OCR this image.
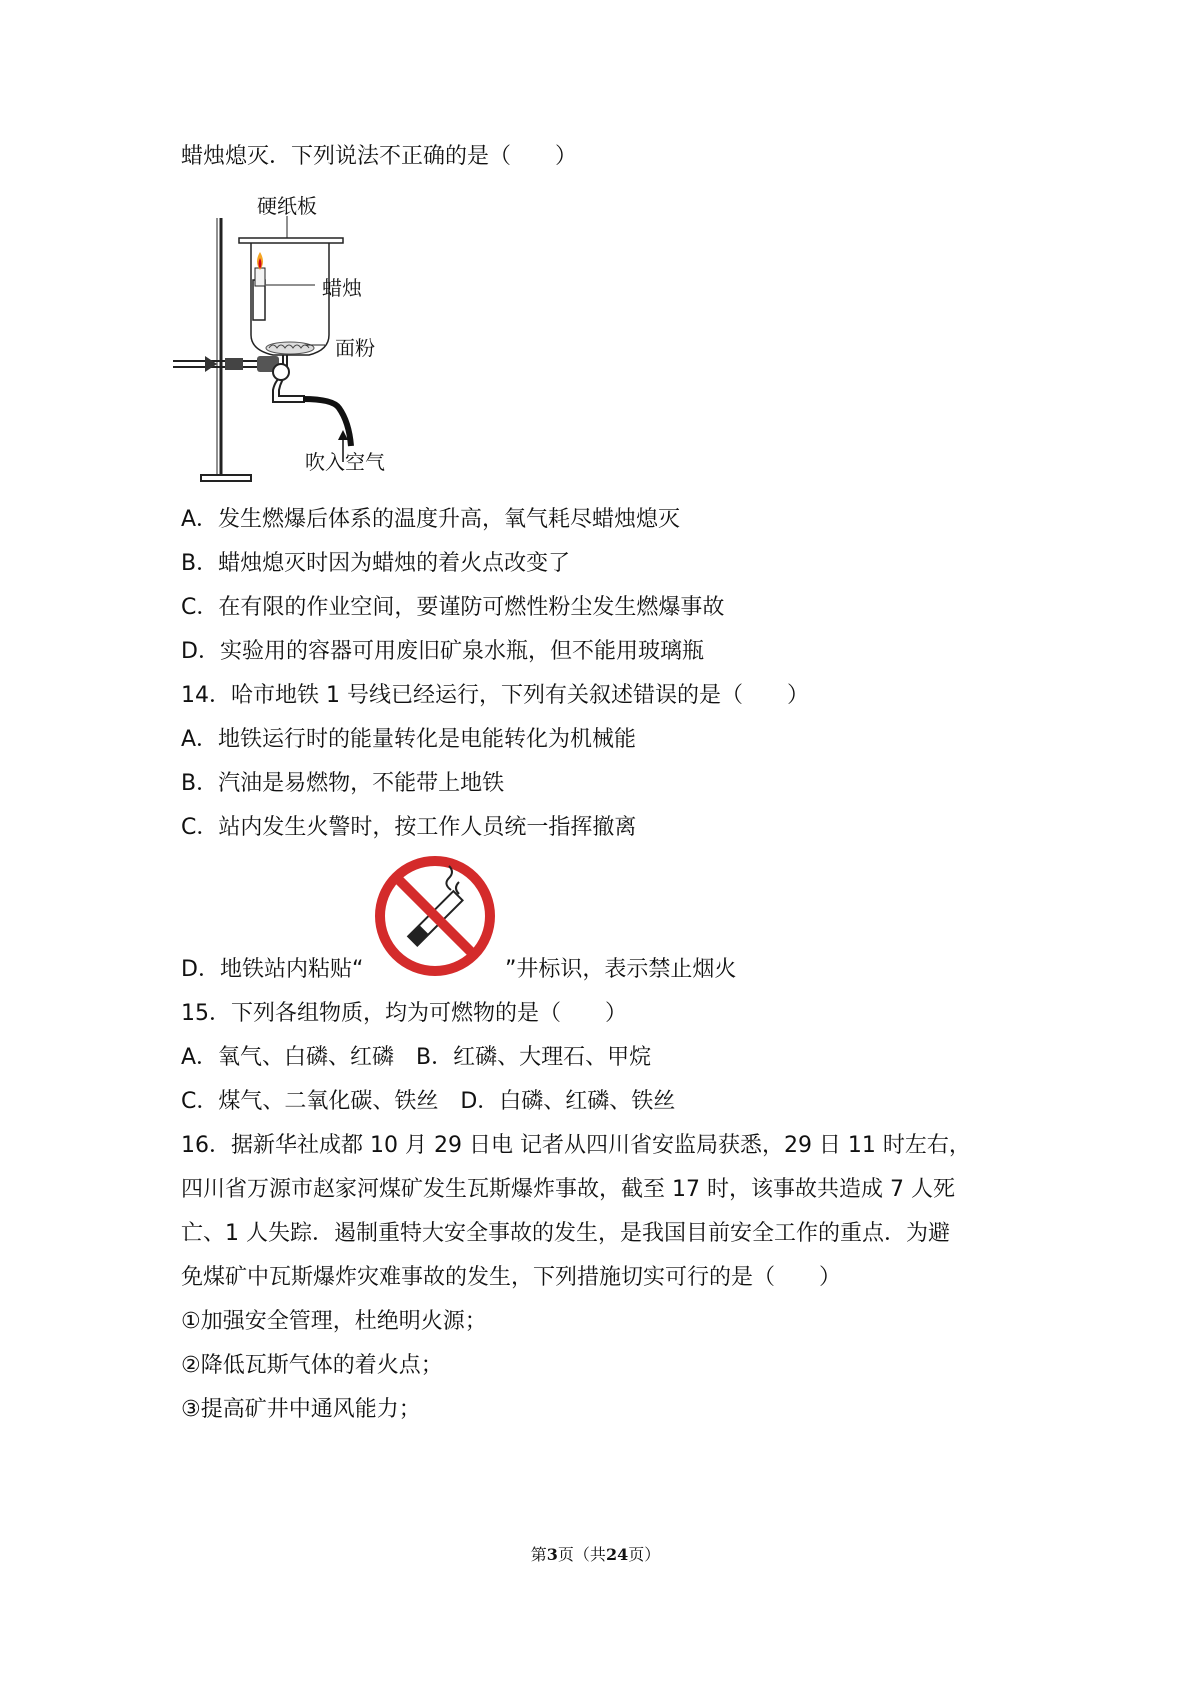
蜡烛熄灭．下列说法不正确的是（　　）
硬纸板
蜡烛
面粉
吹入空气
A．发生燃爆后体系的温度升高，氧气耗尽蜡烛熄灭
B．蜡烛熄灭时因为蜡烛的着火点改变了
C．在有限的作业空间，要谨防可燃性粉尘发生燃爆事故
D．实验用的容器可用废旧矿泉水瓶，但不能用玻璃瓶
14．哈市地铁 1 号线已经运行，下列有关叙述错误的是（　　）
A．地铁运行时的能量转化是电能转化为机械能
B．汽油是易燃物，不能带上地铁
C．站内发生火警时，按工作人员统一指挥撤离
D．地铁站内粘贴“	”井标识，表示禁止烟火
15．下列各组物质，均为可燃物的是（　　）
A．氧气、白磷、红磷　B．红磷、大理石、甲烷
C．煤气、二氧化碳、铁丝　D．白磷、红磷、铁丝
16．据新华社成都 10 月 29 日电 记者从四川省安监局获悉，29 日 11 时左右，
四川省万源市赵家河煤矿发生瓦斯爆炸事故，截至 17 时，该事故共造成 7 人死
亡、1 人失踪．遏制重特大安全事故的发生，是我国目前安全工作的重点．为避
免煤矿中瓦斯爆炸灾难事故的发生，下列措施切实可行的是（　　）
①加强安全管理，杜绝明火源；
②降低瓦斯气体的着火点；
③提高矿井中通风能力；
第3页（共24页）
